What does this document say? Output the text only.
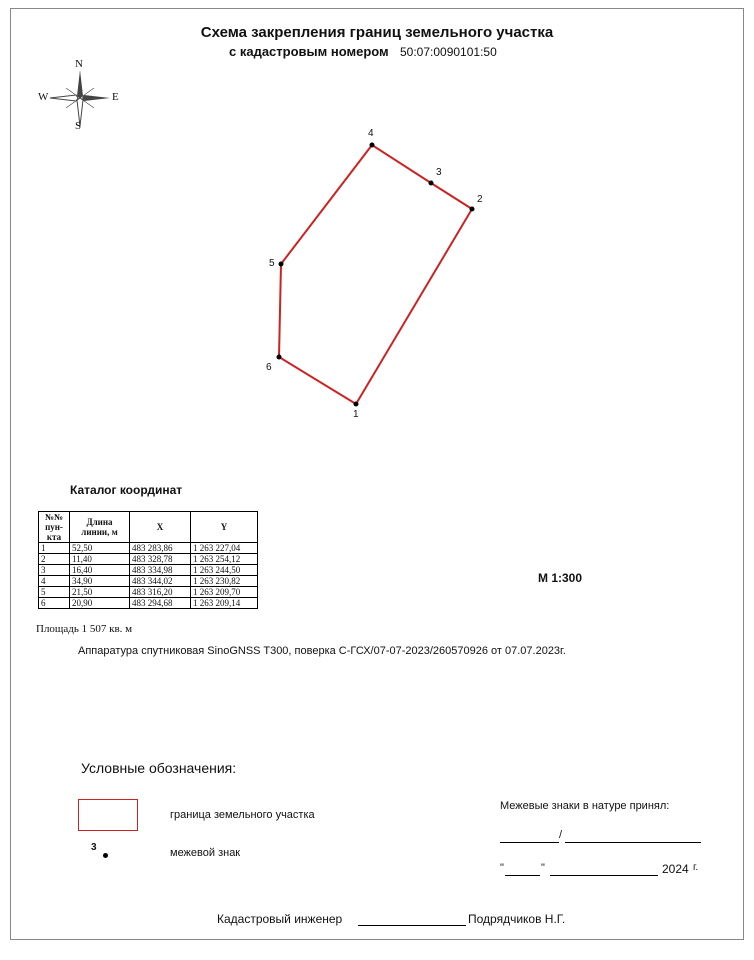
Схема закрепления границ земельного участка
с кадастровым номером 50:07:0090101:50
N
S
W	E
1
2
3
4
5
6
Каталог координат
№№ пун- кта	Длина линии, м	X	Y
1	52,50	483 283,86	1 263 227,04
2	11,40	483 328,78	1 263 254,12
3	16,40	483 334,98	1 263 244,50
4	34,90	483 344,02	1 263 230,82
5	21,50	483 316,20	1 263 209,70
6	20,90	483 294,68	1 263 209,14
Площадь 1 507 кв. м
М 1:300
Аппаратура спутниковая SinoGNSS T300, поверка С-ГСХ/07-07-2023/260570926 от 07.07.2023г.
Условные обозначения:
граница земельного участка
3	межевой знак
Межевые знаки в натуре принял:
/
"	"	2024 г.
Кадастровый инженер	Подрядчиков Н.Г.
